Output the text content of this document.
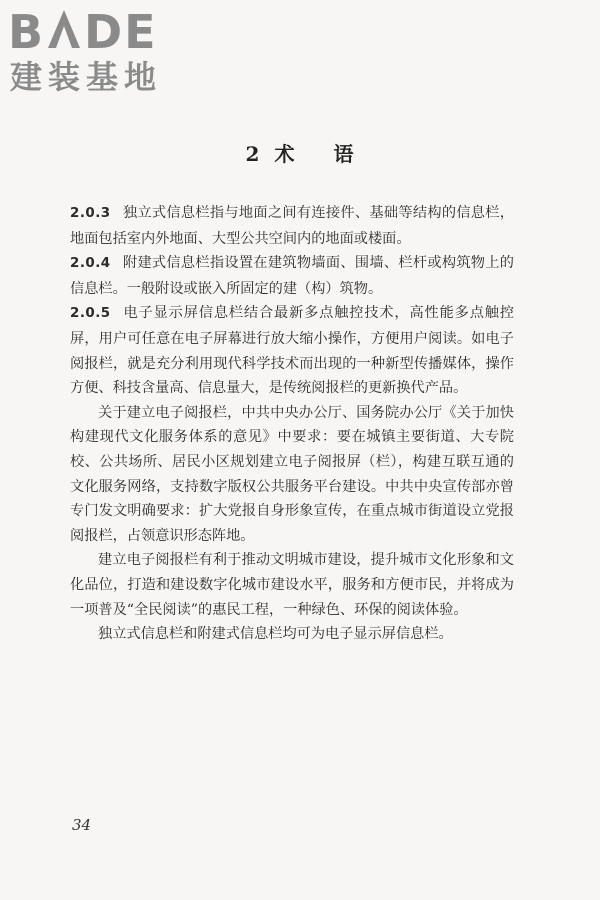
B DE
建装基地
2 术 语

2.0.3 独立式信息栏指与地面之间有连接件、基础等结构的信息栏，地面包括室内外地面、大型公共空间内的地面或楼面。

2.0.4 附建式信息栏指设置在建筑物墙面、围墙、栏杆或构筑物上的信息栏。一般附设或嵌入所固定的建（构）筑物。

2.0.5 电子显示屏信息栏结合最新多点触控技术，高性能多点触控屏，用户可任意在电子屏幕进行放大缩小操作，方便用户阅读。如电子阅报栏，就是充分利用现代科学技术而出现的一种新型传播媒体，操作方便、科技含量高、信息量大，是传统阅报栏的更新换代产品。

关于建立电子阅报栏，中共中央办公厅、国务院办公厅《关于加快构建现代文化服务体系的意见》中要求：要在城镇主要街道、大专院校、公共场所、居民小区规划建立电子阅报屏（栏），构建互联互通的文化服务网络，支持数字版权公共服务平台建设。中共中央宣传部亦曾专门发文明确要求：扩大党报自身形象宣传，在重点城市街道设立党报阅报栏，占领意识形态阵地。

建立电子阅报栏有利于推动文明城市建设，提升城市文化形象和文化品位，打造和建设数字化城市建设水平，服务和方便市民，并将成为一项普及“全民阅读”的惠民工程，一种绿色、环保的阅读体验。

独立式信息栏和附建式信息栏均可为电子显示屏信息栏。

34
